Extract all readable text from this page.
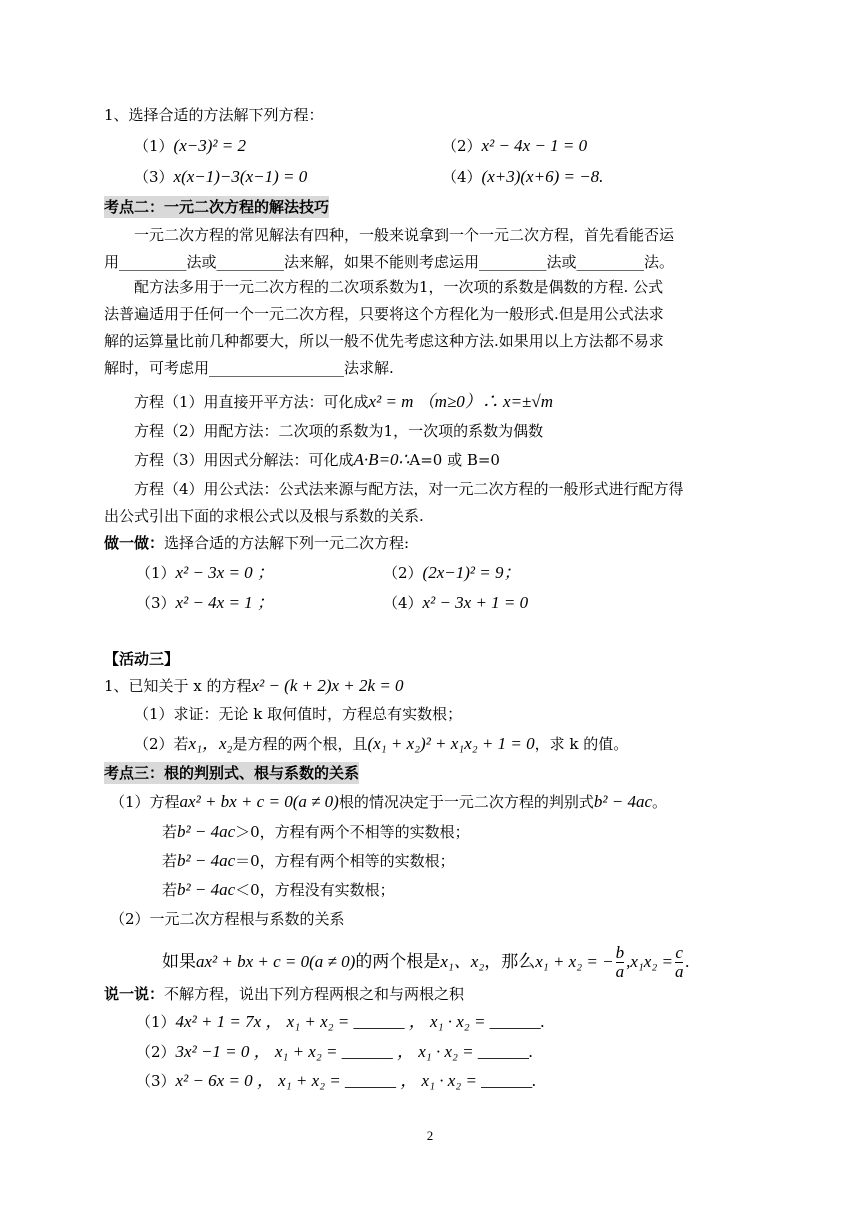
1、选择合适的方法解下列方程：
（1）(x−3)² = 2	（2）x² − 4x − 1 = 0
（3）x(x−1)−3(x−1) = 0	（4）(x+3)(x+6) = −8.
考点二：一元二次方程的解法技巧
一元二次方程的常见解法有四种，一般来说拿到一个一元二次方程，首先看能否运
用_________法或_________法来解，如果不能则考虑运用_________法或_________法。
配方法多用于一元二次方程的二次项系数为1，一次项的系数是偶数的方程. 公式
法普遍适用于任何一个一元二次方程，只要将这个方程化为一般形式.但是用公式法求
解的运算量比前几种都要大，所以一般不优先考虑这种方法.如果用以上方法都不易求
解时，可考虑用__________________法求解.
方程（1）用直接开平方法：可化成x² = m （m≥0）∴ x=±√m
方程（2）用配方法：二次项的系数为1，一次项的系数为偶数
方程（3）用因式分解法：可化成A·B=0∴A=0 或 B=0
方程（4）用公式法：公式法来源与配方法，对一元二次方程的一般形式进行配方得
出公式引出下面的求根公式以及根与系数的关系.
做一做：选择合适的方法解下列一元二次方程:
（1）x² − 3x = 0 ；	（2）(2x−1)² = 9；
（3）x² − 4x = 1 ；	（4）x² − 3x + 1 = 0
【活动三】
1、已知关于 x 的方程x² − (k + 2)x + 2k = 0
（1）求证：无论 k 取何值时，方程总有实数根；
（2）若x₁，x₂是方程的两个根，且(x₁ + x₂)² + x₁x₂ + 1 = 0，求 k 的值。
考点三：根的判别式、根与系数的关系
（1）方程ax² + bx + c = 0(a ≠ 0)根的情况决定于一元二次方程的判别式b² − 4ac。
若b² − 4ac＞0，方程有两个不相等的实数根；
若b² − 4ac＝0，方程有两个相等的实数根；
若b² − 4ac＜0，方程没有实数根；
（2）一元二次方程根与系数的关系
如果ax² + bx + c = 0(a ≠ 0)的两个根是x₁、x₂，那么x₁ + x₂ = − $\frac{b}{a} ,x_1x_2 = \frac{c}{a}$ .
说一说：不解方程，说出下列方程两根之和与两根之积
（1）4x² + 1 = 7x ， x₁ + x₂ = ______ ， x₁ · x₂ = ______.
（2）3x² −1 = 0 ， x₁ + x₂ = ______ ， x₁ · x₂ = ______.
（3）x² − 6x = 0 ， x₁ + x₂ = ______ ， x₁ · x₂ = ______.
2
